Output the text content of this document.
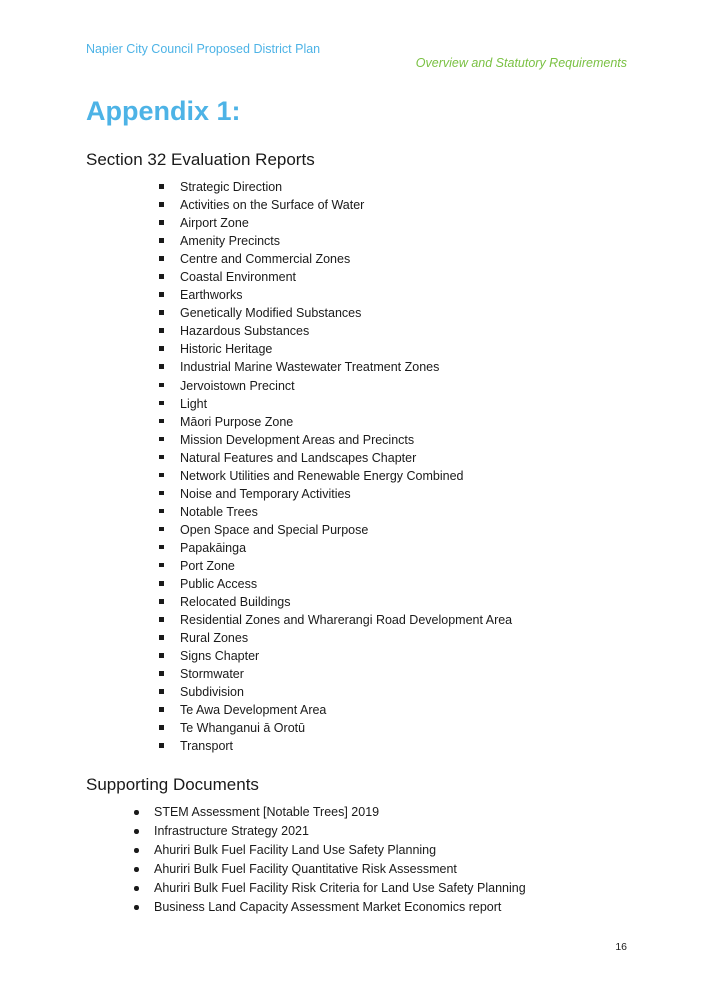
Napier City Council Proposed District Plan
Overview and Statutory Requirements
Appendix 1:
Section 32 Evaluation Reports
Strategic Direction
Activities on the Surface of Water
Airport Zone
Amenity Precincts
Centre and Commercial Zones
Coastal Environment
Earthworks
Genetically Modified Substances
Hazardous Substances
Historic Heritage
Industrial Marine Wastewater Treatment Zones
Jervoistown Precinct
Light
Māori Purpose Zone
Mission Development Areas and Precincts
Natural Features and Landscapes Chapter
Network Utilities and Renewable Energy Combined
Noise and Temporary Activities
Notable Trees
Open Space and Special Purpose
Papakāinga
Port Zone
Public Access
Relocated Buildings
Residential Zones and Wharerangi Road Development Area
Rural Zones
Signs Chapter
Stormwater
Subdivision
Te Awa Development Area
Te Whanganui ā Orotū
Transport
Supporting Documents
STEM Assessment [Notable Trees] 2019
Infrastructure Strategy 2021
Ahuriri Bulk Fuel Facility Land Use Safety Planning
Ahuriri Bulk Fuel Facility Quantitative Risk Assessment
Ahuriri Bulk Fuel Facility Risk Criteria for Land Use Safety Planning
Business Land Capacity Assessment Market Economics report
16
